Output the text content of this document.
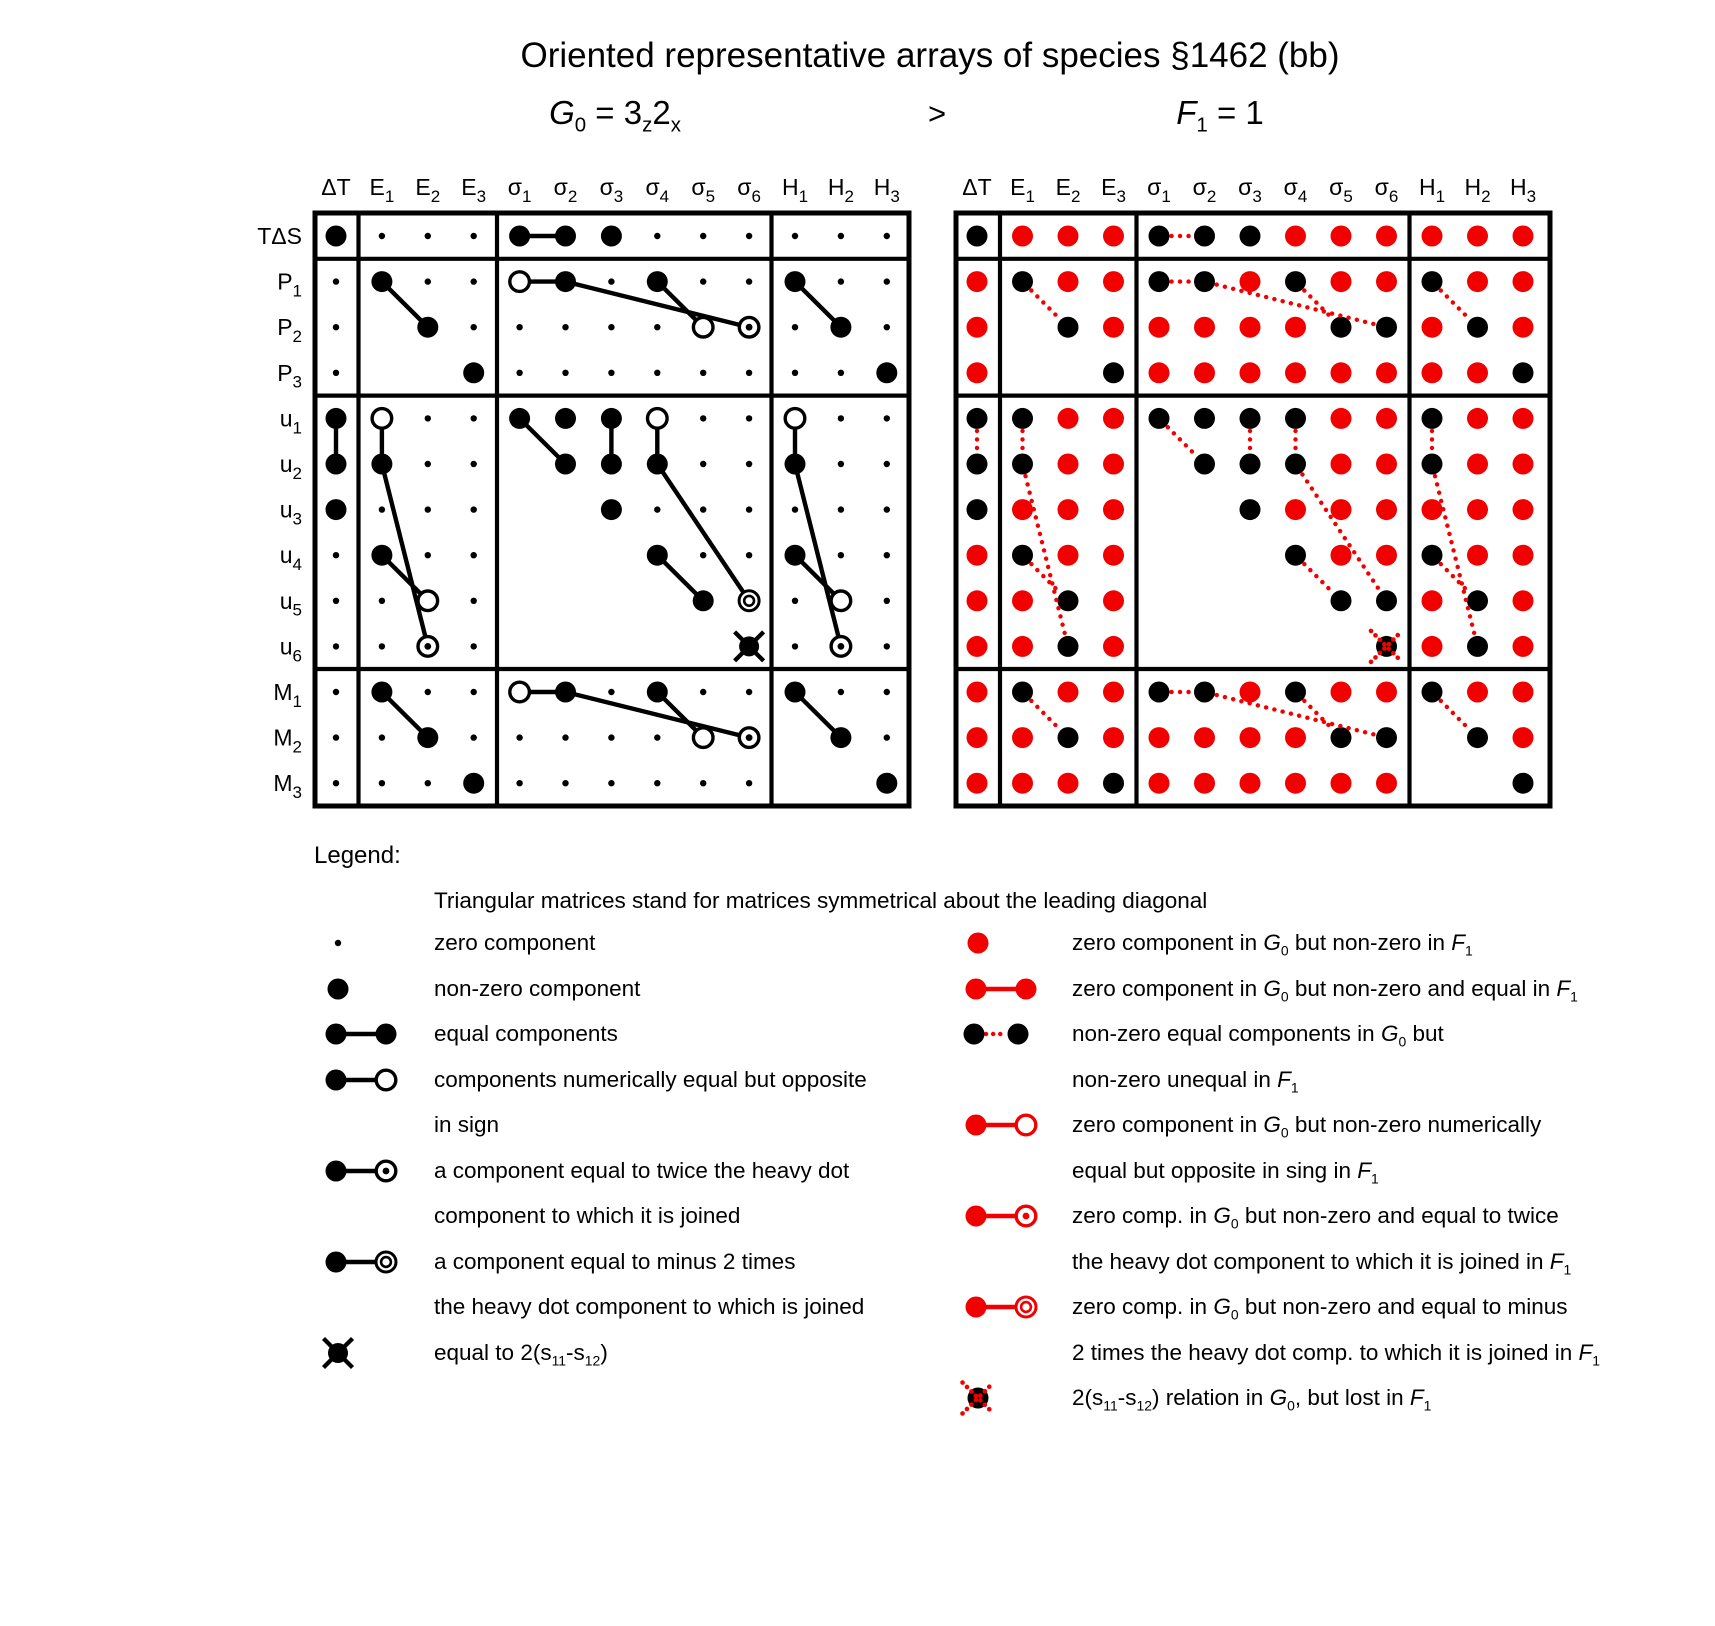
Oriented representative arrays of species §1462 (bb)
$G_0 = 3_z2_x$	>	$F_1 = 1$
ΔT $E_1$ $E_2$ $E_3$ $\sigma_1$ $\sigma_2$ $\sigma_3$ $\sigma_4$ $\sigma_5$ $\sigma_6$ $H_1$ $H_2$ $H_3$
TΔS
$P_1$
$P_2$
$P_3$
$u_1$
$u_2$
$u_3$
$u_4$
$u_5$
$u_6$
$M_1$
$M_2$
$M_3$
ΔT $E_1$ $E_2$ $E_3$ $\sigma_1$ $\sigma_2$ $\sigma_3$ $\sigma_4$ $\sigma_5$ $\sigma_6$ $H_1$ $H_2$ $H_3$
Legend:
Triangular matrices stand for matrices symmetrical about the leading diagonal
zero component
non-zero component
equal components
components numerically equal but opposite
in sign
a component equal to twice the heavy dot
component to which it is joined
a component equal to minus 2 times
the heavy dot component to which is joined
equal to $2(s_{11}-s_{12})$
zero component in $G_0$ but non-zero in $F_1$
zero component in $G_0$ but non-zero and equal in $F_1$
non-zero equal components in $G_0$ but
non-zero unequal in $F_1$
zero component in $G_0$ but non-zero numerically
equal but opposite in sing in $F_1$
zero comp. in $G_0$ but non-zero and equal to twice
the heavy dot component to which it is joined in $F_1$
zero comp. in $G_0$ but non-zero and equal to minus
2 times the heavy dot comp. to which it is joined in $F_1$
$2(s_{11}-s_{12})$ relation in $G_0$, but lost in $F_1$
